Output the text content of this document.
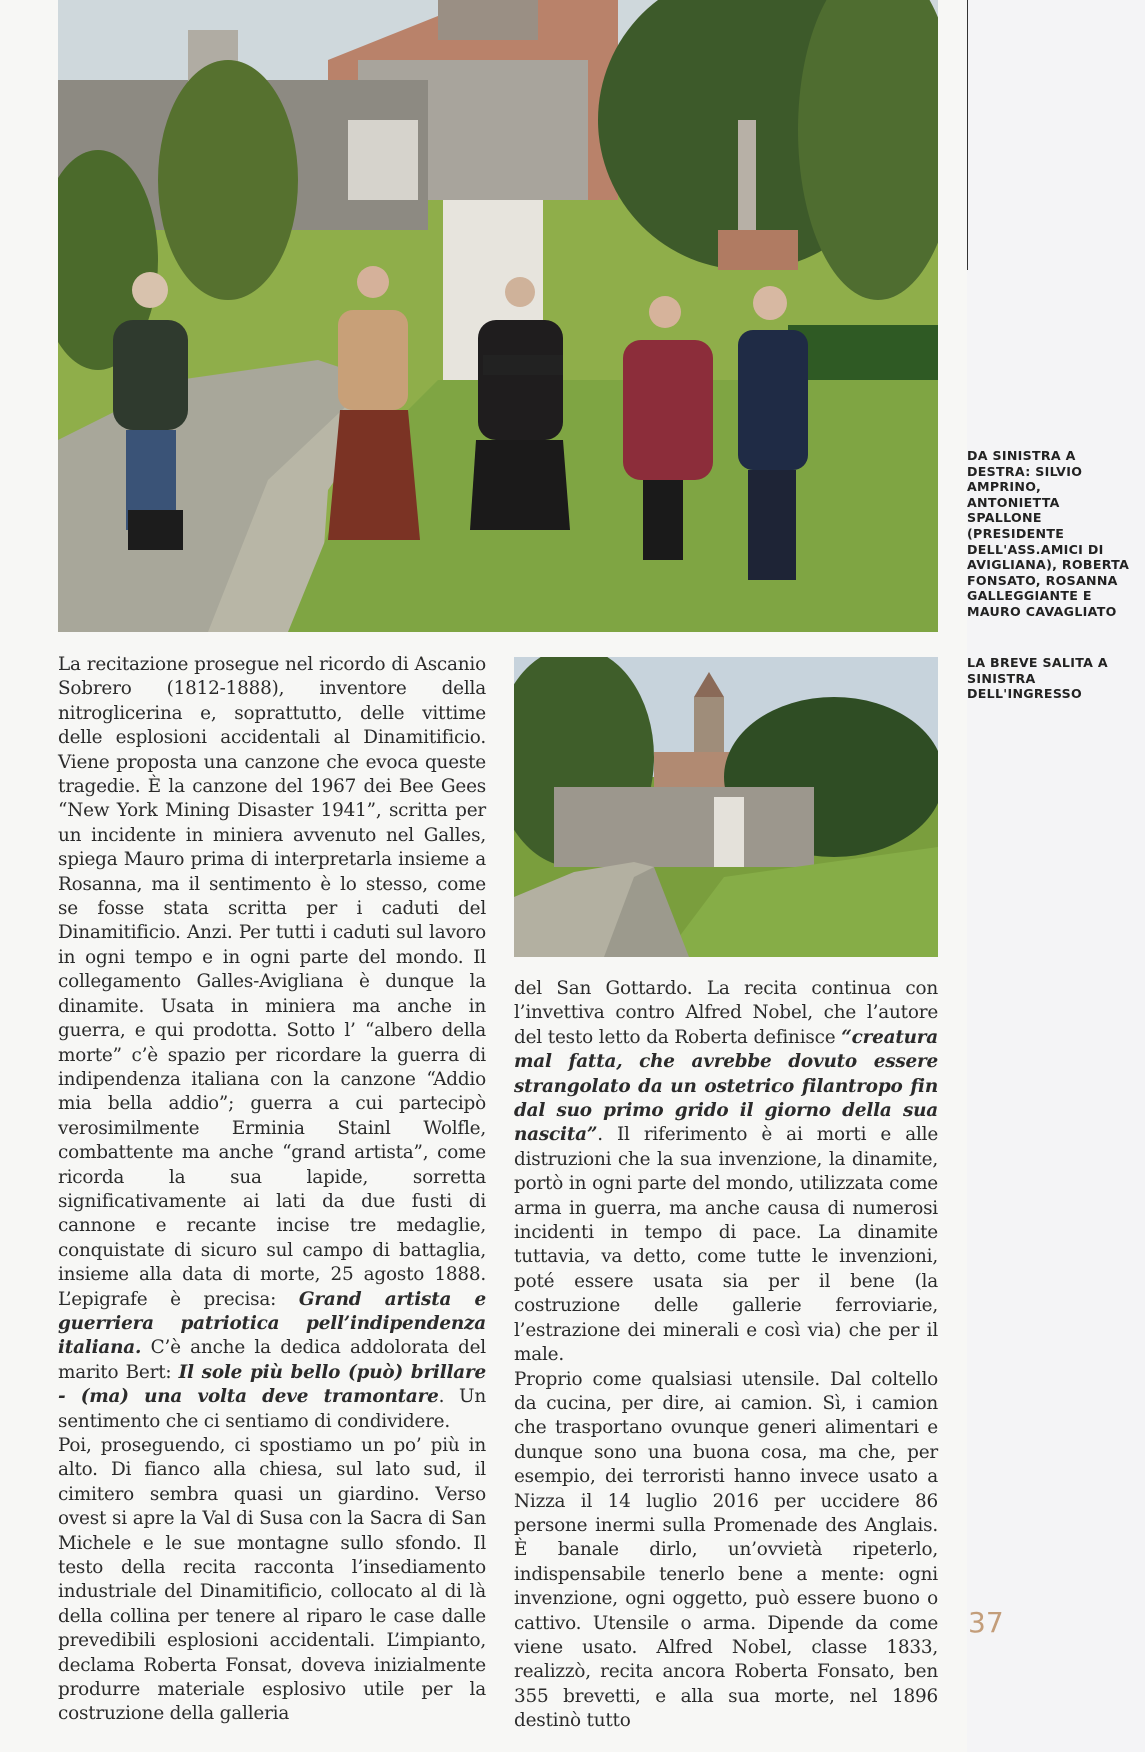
DA SINISTRA A DESTRA: SILVIO AMPRINO, ANTONIETTA SPALLONE (PRESIDENTE DELL'ASS.AMICI DI AVIGLIANA), ROBERTA FONSATO, ROSANNA GALLEGGIANTE E MAURO CAVAGLIATO
LA BREVE SALITA A SINISTRA DELL'INGRESSO

La recitazione prosegue nel ricordo di Ascanio Sobrero (1812-1888), inventore della nitroglicerina e, soprattutto, delle vittime delle esplosioni accidentali al Dinamitificio. Viene proposta una canzone che evoca queste tragedie. È la canzone del 1967 dei Bee Gees “New York Mining Disaster 1941”, scritta per un incidente in miniera avvenuto nel Galles, spiega Mauro prima di interpretarla insieme a Rosanna, ma il sentimento è lo stesso, come se fosse stata scritta per i caduti del Dinamitificio. Anzi. Per tutti i caduti sul lavoro in ogni tempo e in ogni parte del mondo. Il collegamento Galles-Avigliana è dunque la dinamite. Usata in miniera ma anche in guerra, e qui prodotta. Sotto l’ “albero della morte” c’è spazio per ricordare la guerra di indipendenza italiana con la canzone “Addio mia bella addio”; guerra a cui partecipò verosimilmente Erminia Stainl Wolfle, combattente ma anche “grand artista”, come ricorda la sua lapide, sorretta significativamente ai lati da due fusti di cannone e recante incise tre medaglie, conquistate di sicuro sul campo di battaglia, insieme alla data di morte, 25 agosto 1888. L’epigrafe è precisa: Grand artista e guerriera patriotica pell’indipendenza italiana. C’è anche la dedica addolorata del marito Bert: Il sole più bello (può) brillare - (ma) una volta deve tramontare. Un sentimento che ci sentiamo di condividere.

Poi, proseguendo, ci spostiamo un po’ più in alto. Di fianco alla chiesa, sul lato sud, il cimitero sembra quasi un giardino. Verso ovest si apre la Val di Susa con la Sacra di San Michele e le sue montagne sullo sfondo. Il testo della recita racconta l’insediamento industriale del Dinamitificio, collocato al di là della collina per tenere al riparo le case dalle prevedibili esplosioni accidentali. L’impianto, declama Roberta Fonsat, doveva inizialmente produrre materiale esplosivo utile per la costruzione della galleria

del San Gottardo. La recita continua con l’invettiva contro Alfred Nobel, che l’autore del testo letto da Roberta definisce “creatura mal fatta, che avrebbe dovuto essere strangolato da un ostetrico filantropo fin dal suo primo grido il giorno della sua nascita”. Il riferimento è ai morti e alle distruzioni che la sua invenzione, la dinamite, portò in ogni parte del mondo, utilizzata come arma in guerra, ma anche causa di numerosi incidenti in tempo di pace. La dinamite tuttavia, va detto, come tutte le invenzioni, poté essere usata sia per il bene (la costruzione delle gallerie ferroviarie, l’estrazione dei minerali e così via) che per il male.

Proprio come qualsiasi utensile. Dal coltello da cucina, per dire, ai camion. Sì, i camion che trasportano ovunque generi alimentari e dunque sono una buona cosa, ma che, per esempio, dei terroristi hanno invece usato a Nizza il 14 luglio 2016 per uccidere 86 persone inermi sulla Promenade des Anglais. È banale dirlo, un’ovvietà ripeterlo, indispensabile tenerlo bene a mente: ogni invenzione, ogni oggetto, può essere buono o cattivo. Utensile o arma. Dipende da come viene usato. Alfred Nobel, classe 1833, realizzò, recita ancora Roberta Fonsato, ben 355 brevetti, e alla sua morte, nel 1896 destinò tutto

37
